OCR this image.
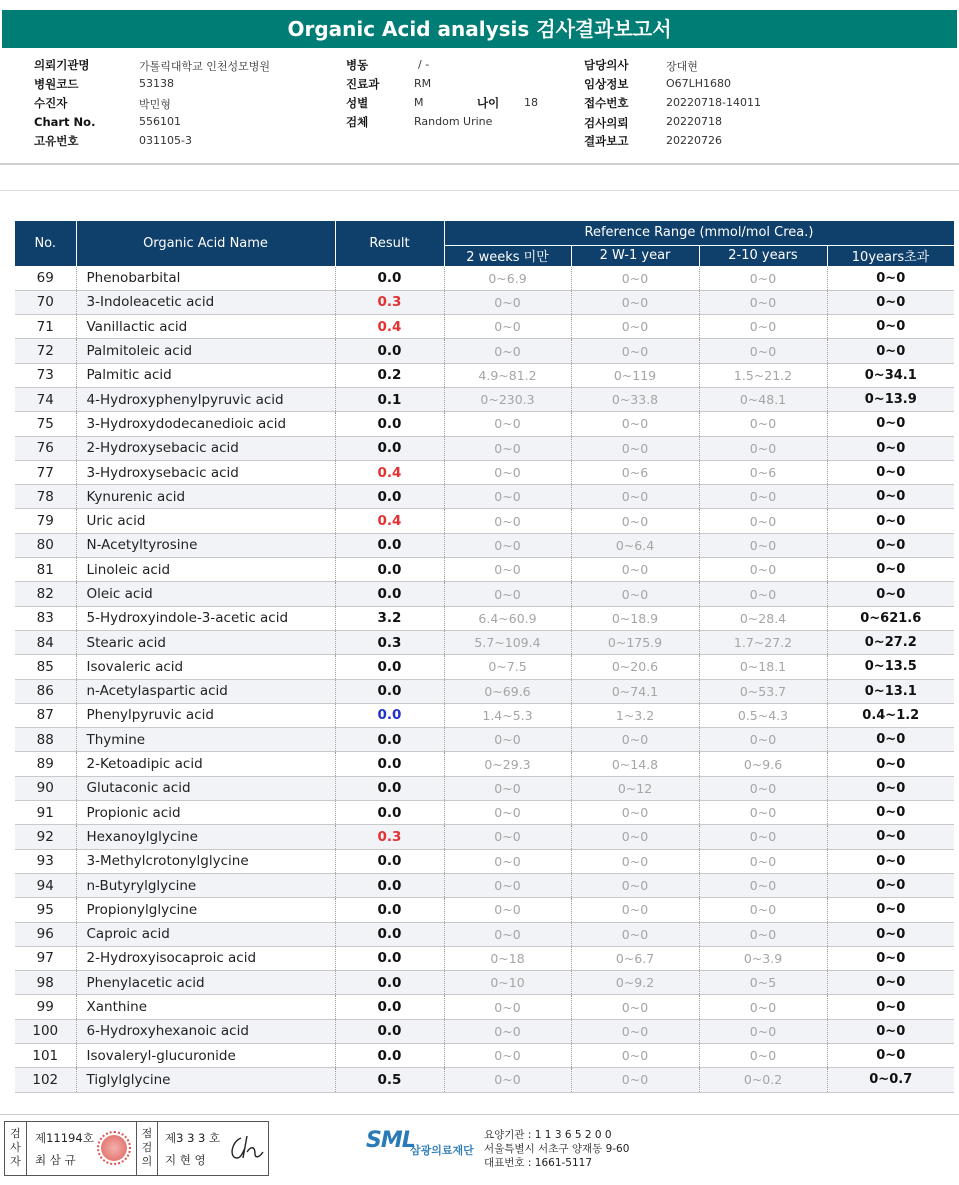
Organic Acid analysis 검사결과보고서
의뢰기관명	가톨릭대학교 인천성모병원
병원코드	53138
수진자	박민형
Chart No.	556101
고유번호	031105-3
병동	/ -
진료과	RM
성별	M	나이 18
검체	Random Urine
담당의사	장대현
임상정보	O67LH1680
접수번호	20220718-14011
검사의뢰	20220718
결과보고	20220726
No.	Organic Acid Name	Result	Reference Range (mmol/mol Crea.)			
			2 weeks 미만	2 W-1 year	2-10 years	10years초과
69	Phenobarbital	0.0	0~6.9	0~0	0~0	0~0
70	3-Indoleacetic acid	0.3	0~0	0~0	0~0	0~0
71	Vanillactic acid	0.4	0~0	0~0	0~0	0~0
72	Palmitoleic acid	0.0	0~0	0~0	0~0	0~0
73	Palmitic acid	0.2	4.9~81.2	0~119	1.5~21.2	0~34.1
74	4-Hydroxyphenylpyruvic acid	0.1	0~230.3	0~33.8	0~48.1	0~13.9
75	3-Hydroxydodecanedioic acid	0.0	0~0	0~0	0~0	0~0
76	2-Hydroxysebacic acid	0.0	0~0	0~0	0~0	0~0
77	3-Hydroxysebacic acid	0.4	0~0	0~6	0~6	0~0
78	Kynurenic acid	0.0	0~0	0~0	0~0	0~0
79	Uric acid	0.4	0~0	0~0	0~0	0~0
80	N-Acetyltyrosine	0.0	0~0	0~6.4	0~0	0~0
81	Linoleic acid	0.0	0~0	0~0	0~0	0~0
82	Oleic acid	0.0	0~0	0~0	0~0	0~0
83	5-Hydroxyindole-3-acetic acid	3.2	6.4~60.9	0~18.9	0~28.4	0~621.6
84	Stearic acid	0.3	5.7~109.4	0~175.9	1.7~27.2	0~27.2
85	Isovaleric acid	0.0	0~7.5	0~20.6	0~18.1	0~13.5
86	n-Acetylaspartic acid	0.0	0~69.6	0~74.1	0~53.7	0~13.1
87	Phenylpyruvic acid	0.0	1.4~5.3	1~3.2	0.5~4.3	0.4~1.2
88	Thymine	0.0	0~0	0~0	0~0	0~0
89	2-Ketoadipic acid	0.0	0~29.3	0~14.8	0~9.6	0~0
90	Glutaconic acid	0.0	0~0	0~12	0~0	0~0
91	Propionic acid	0.0	0~0	0~0	0~0	0~0
92	Hexanoylglycine	0.3	0~0	0~0	0~0	0~0
93	3-Methylcrotonylglycine	0.0	0~0	0~0	0~0	0~0
94	n-Butyrylglycine	0.0	0~0	0~0	0~0	0~0
95	Propionylglycine	0.0	0~0	0~0	0~0	0~0
96	Caproic acid	0.0	0~0	0~0	0~0	0~0
97	2-Hydroxyisocaproic acid	0.0	0~18	0~6.7	0~3.9	0~0
98	Phenylacetic acid	0.0	0~10	0~9.2	0~5	0~0
99	Xanthine	0.0	0~0	0~0	0~0	0~0
100	6-Hydroxyhexanoic acid	0.0	0~0	0~0	0~0	0~0
101	Isovaleryl-glucuronide	0.0	0~0	0~0	0~0	0~0
102	Tiglylglycine	0.5	0~0	0~0	0~0.2	0~0.7
검사자
제11194호
최 삼 규
점검의
제3 3 3 호
지 현 영
SML
삼광의료재단
요양기관 : 1 1 3 6 5 2 0 0
서울특별시 서초구 양재동 9-60
대표번호 : 1661-5117
